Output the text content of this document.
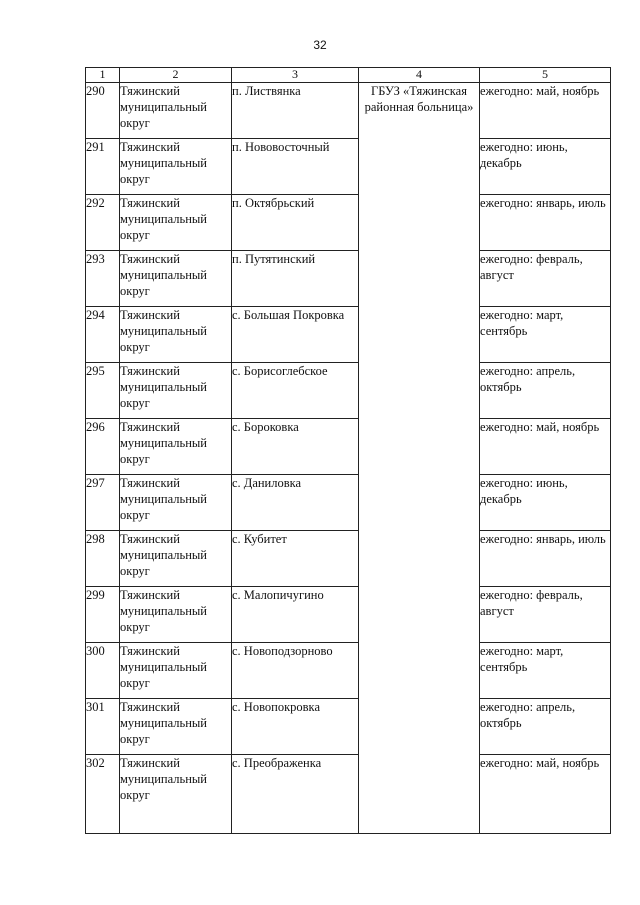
32
1	2	3	4	5
290	Тяжинский муниципальный округ	п. Листвянка	ГБУЗ «Тяжинская районная больница»	ежегодно: май, ноябрь
291	Тяжинский муниципальный округ	п. Нововосточный		ежегодно: июнь, декабрь
292	Тяжинский муниципальный округ	п. Октябрьский		ежегодно: январь, июль
293	Тяжинский муниципальный округ	п. Путятинский		ежегодно: февраль, август
294	Тяжинский муниципальный округ	с. Большая Покровка		ежегодно: март, сентябрь
295	Тяжинский муниципальный округ	с. Борисоглебское		ежегодно: апрель, октябрь
296	Тяжинский муниципальный округ	с. Бороковка		ежегодно: май, ноябрь
297	Тяжинский муниципальный округ	с. Даниловка		ежегодно: июнь, декабрь
298	Тяжинский муниципальный округ	с. Кубитет		ежегодно: январь, июль
299	Тяжинский муниципальный округ	с. Малопичугино		ежегодно: февраль, август
300	Тяжинский муниципальный округ	с. Новоподзорново		ежегодно: март, сентябрь
301	Тяжинский муниципальный округ	с. Новопокровка		ежегодно: апрель, октябрь
302	Тяжинский муниципальный округ	с. Преображенка		ежегодно: май, ноябрь
